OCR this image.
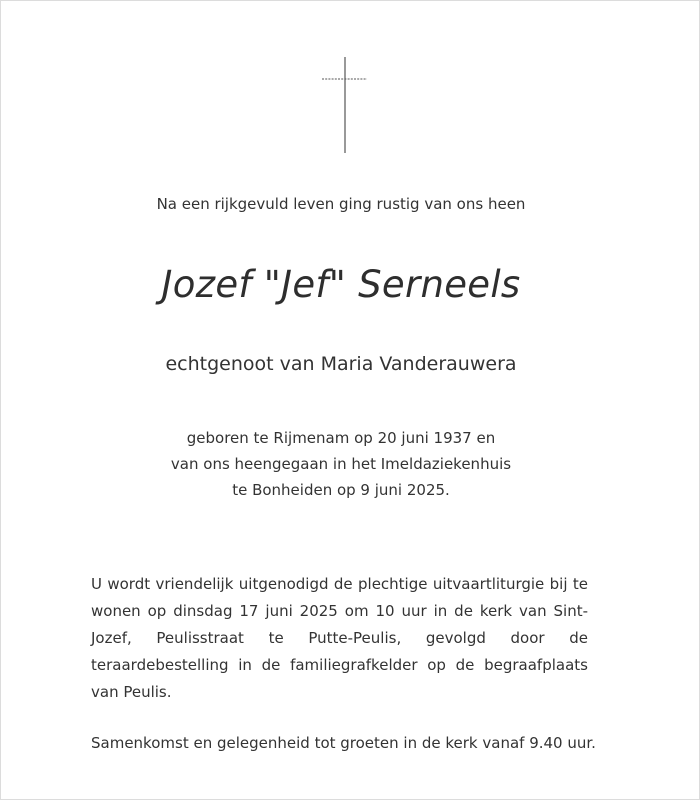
Na een rijkgevuld leven ging rustig van ons heen
Jozef "Jef" Serneels
echtgenoot van Maria Vanderauwera
geboren te Rijmenam op 20 juni 1937 en
van ons heengegaan in het Imeldaziekenhuis
te Bonheiden op 9 juni 2025.
U wordt vriendelijk uitgenodigd de plechtige uitvaartliturgie bij te wonen op dinsdag 17 juni 2025 om 10 uur in de kerk van Sint-Jozef, Peulisstraat te Putte-Peulis, gevolgd door de teraardebestelling in de familiegrafkelder op de begraafplaats van Peulis.
Samenkomst en gelegenheid tot groeten in de kerk vanaf 9.40 uur.
